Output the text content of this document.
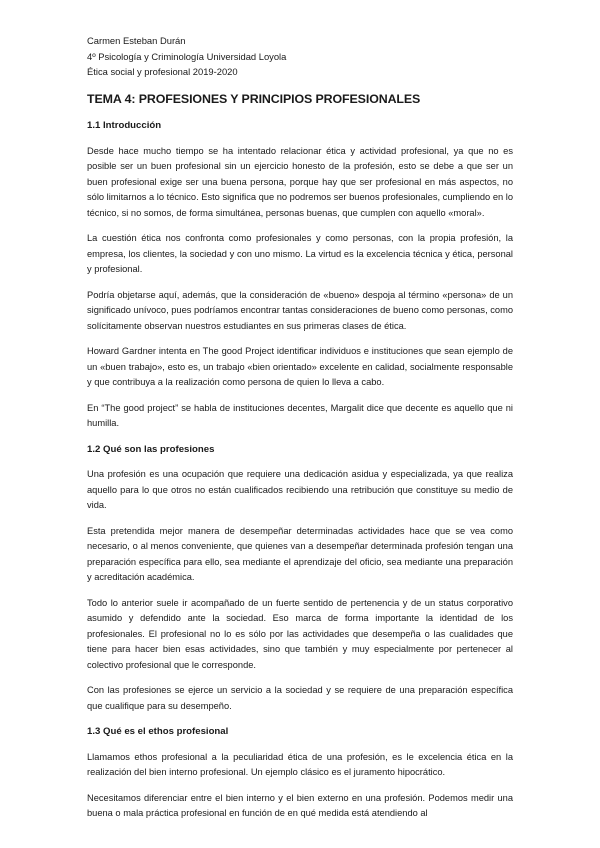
Carmen Esteban Durán
4º Psicología y Criminología Universidad Loyola
Ética social y profesional 2019-2020
TEMA 4: PROFESIONES Y PRINCIPIOS PROFESIONALES
1.1 Introducción
Desde hace mucho tiempo se ha intentado relacionar ética y actividad profesional, ya que no es posible ser un buen profesional sin un ejercicio honesto de la profesión, esto se debe a que ser un buen profesional exige ser una buena persona, porque hay que ser profesional en más aspectos, no sólo limitarnos a lo técnico. Esto significa que no podremos ser buenos profesionales, cumpliendo en lo técnico, si no somos, de forma simultánea, personas buenas, que cumplen con aquello «moral».
La cuestión ética nos confronta como profesionales y como personas, con la propia profesión, la empresa, los clientes, la sociedad y con uno mismo. La virtud es la excelencia técnica y ética, personal y profesional.
Podría objetarse aquí, además, que la consideración de «bueno» despoja al término «persona» de un significado unívoco, pues podríamos encontrar tantas consideraciones de bueno como personas, como solícitamente observan nuestros estudiantes en sus primeras clases de ética.
Howard Gardner intenta en The good Project identificar individuos e instituciones que sean ejemplo de un «buen trabajo», esto es, un trabajo «bien orientado» excelente en calidad, socialmente responsable y que contribuya a la realización como persona de quien lo lleva a cabo.
En “The good project” se habla de instituciones decentes, Margalit dice que decente es aquello que ni humilla.
1.2 Qué son las profesiones
Una profesión es una ocupación que requiere una dedicación asidua y especializada, ya que realiza aquello para lo que otros no están cualificados recibiendo una retribución que constituye su medio de vida.
Esta pretendida mejor manera de desempeñar determinadas actividades hace que se vea como necesario, o al menos conveniente, que quienes van a desempeñar determinada profesión tengan una preparación específica para ello, sea mediante el aprendizaje del oficio, sea mediante una preparación y acreditación académica.
Todo lo anterior suele ir acompañado de un fuerte sentido de pertenencia y de un status corporativo asumido y defendido ante la sociedad. Eso marca de forma importante la identidad de los profesionales. El profesional no lo es sólo por las actividades que desempeña o las cualidades que tiene para hacer bien esas actividades, sino que también y muy especialmente por pertenecer al colectivo profesional que le corresponde.
Con las profesiones se ejerce un servicio a la sociedad y se requiere de una preparación específica que cualifique para su desempeño.
1.3 Qué es el ethos profesional
Llamamos ethos profesional a la peculiaridad ética de una profesión, es le excelencia ética en la realización del bien interno profesional. Un ejemplo clásico es el juramento hipocrático.
Necesitamos diferenciar entre el bien interno y el bien externo en una profesión. Podemos medir una buena o mala práctica profesional en función de en qué medida está atendiendo al
